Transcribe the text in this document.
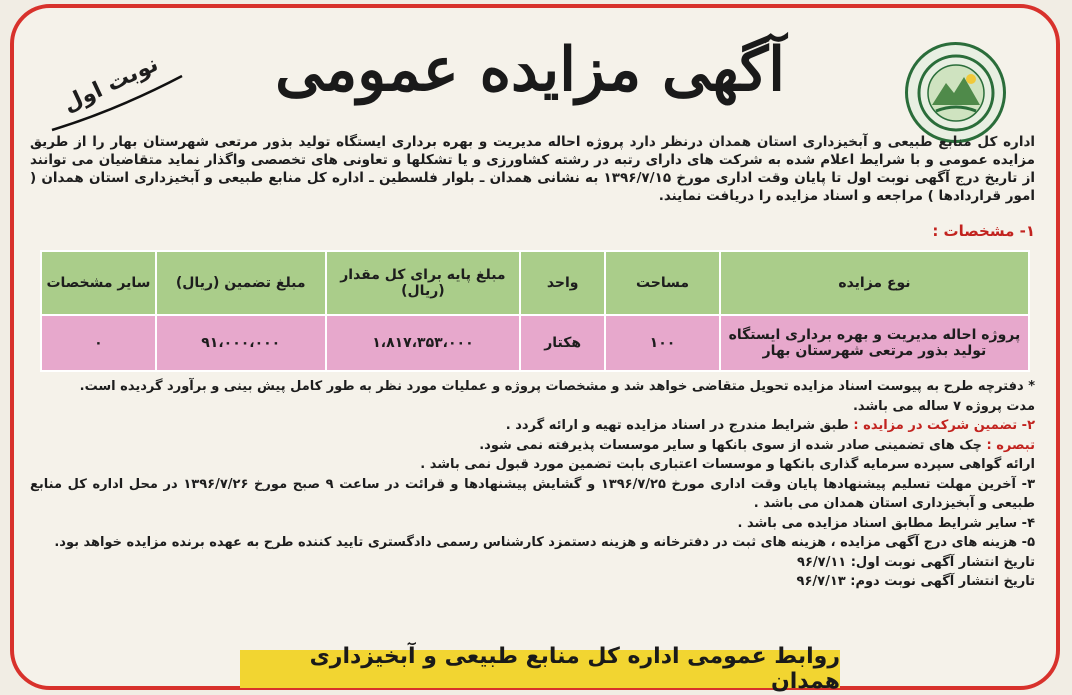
آگهی مزایده عمومی
نوبت اول
اداره کل منابع طبیعی و آبخیزداری استان همدان درنظر دارد پروژه احاله مدیریت و بهره برداری ایستگاه تولید بذور مرتعی شهرستان بهار را از طریق مزایده عمومی و با شرایط اعلام شده به شرکت های دارای رتبه در رشته کشاورزی و یا تشکلها و تعاونی های تخصصی واگذار نماید متقاضیان می توانند از تاریخ درج آگهی نوبت اول تا پایان وقت اداری مورخ ۱۳۹۶/۷/۱۵ به نشانی همدان ـ بلوار فلسطین ـ اداره کل منابع طبیعی و آبخیزداری استان همدان ( امور قراردادها ) مراجعه و اسناد مزایده را دریافت نمایند.
۱- مشخصات :
نوع مزایده	مساحت	واحد	مبلغ پایه برای کل مقدار (ریال)	مبلغ تضمین (ریال)	سایر مشخصات
پروژه احاله مدیریت و بهره برداری ایستگاه تولید بذور مرتعی شهرستان بهار	۱۰۰	هکتار	۱،۸۱۷،۳۵۳،۰۰۰	۹۱،۰۰۰،۰۰۰	٠

* دفترچه طرح به پیوست اسناد مزایده تحویل متقاضی خواهد شد و مشخصات پروژه و عملیات مورد نظر به طور کامل پیش بینی و برآورد گردیده است.

مدت پروژه ۷ ساله می باشد.

۲- تضمین شرکت در مزایده : طبق شرایط مندرج در اسناد مزایده تهیه و ارائه گردد .

تبصره : چک های تضمینی صادر شده از سوی بانکها و سایر موسسات پذیرفته نمی شود.

ارائه گواهی سپرده سرمایه گذاری بانکها و موسسات اعتباری بابت تضمین مورد قبول نمی باشد .

۳- آخرین مهلت تسلیم پیشنهادها پایان وقت اداری مورخ ۱۳۹۶/۷/۲۵ و گشایش پیشنهادها و قرائت در ساعت ۹ صبح مورخ ۱۳۹۶/۷/۲۶ در محل اداره کل منابع طبیعی و آبخیزداری استان همدان می باشد .

۴- سایر شرایط مطابق اسناد مزایده می باشد .

۵- هزینه های درج آگهی مزایده ، هزینه های ثبت در دفترخانه و هزینه دستمزد کارشناس رسمی دادگستری تایید کننده طرح به عهده برنده مزایده خواهد بود.

تاریخ انتشار آگهی نوبت اول: ۹۶/۷/۱۱

تاریخ انتشار آگهی نوبت دوم: ۹۶/۷/۱۳

روابط عمومی اداره کل منابع طبیعی و آبخیزداری همدان
